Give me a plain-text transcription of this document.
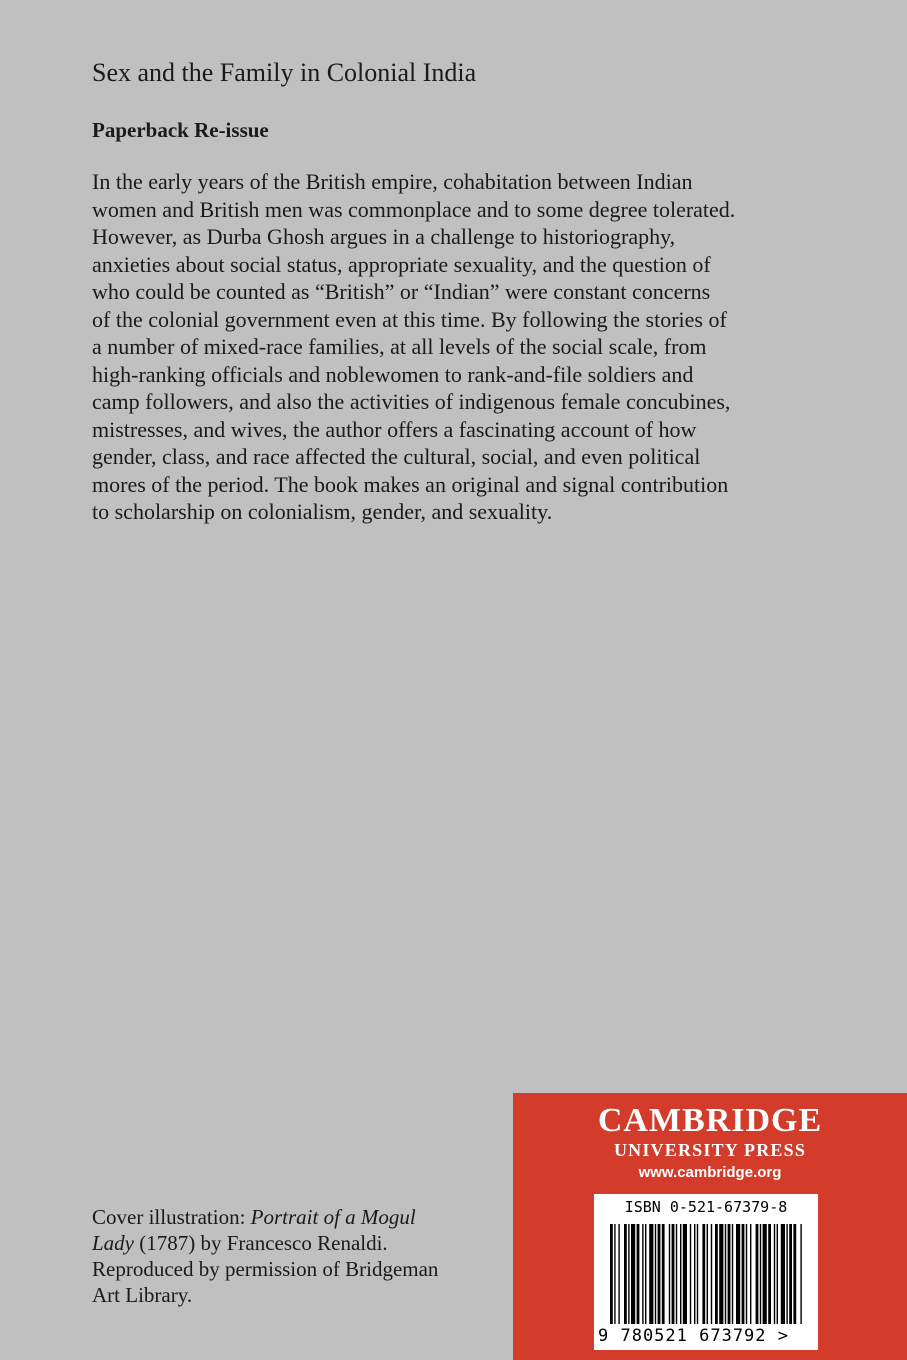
Sex and the Family in Colonial India
Paperback Re-issue

In the early years of the British empire, cohabitation between Indian
women and British men was commonplace and to some degree tolerated.
However, as Durba Ghosh argues in a challenge to historiography,
anxieties about social status, appropriate sexuality, and the question of
who could be counted as “British” or “Indian” were constant concerns
of the colonial government even at this time. By following the stories of
a number of mixed-race families, at all levels of the social scale, from
high-ranking officials and noblewomen to rank-and-file soldiers and
camp followers, and also the activities of indigenous female concubines,
mistresses, and wives, the author offers a fascinating account of how
gender, class, and race affected the cultural, social, and even political
mores of the period. The book makes an original and signal contribution
to scholarship on colonialism, gender, and sexuality.

Cover illustration: Portrait of a Mogul
Lady (1787) by Francesco Renaldi.
Reproduced by permission of Bridgeman
Art Library.

CAMBRIDGE
UNIVERSITY PRESS
www.cambridge.org
ISBN 0-521-67379-8
9 780521 673792 >
